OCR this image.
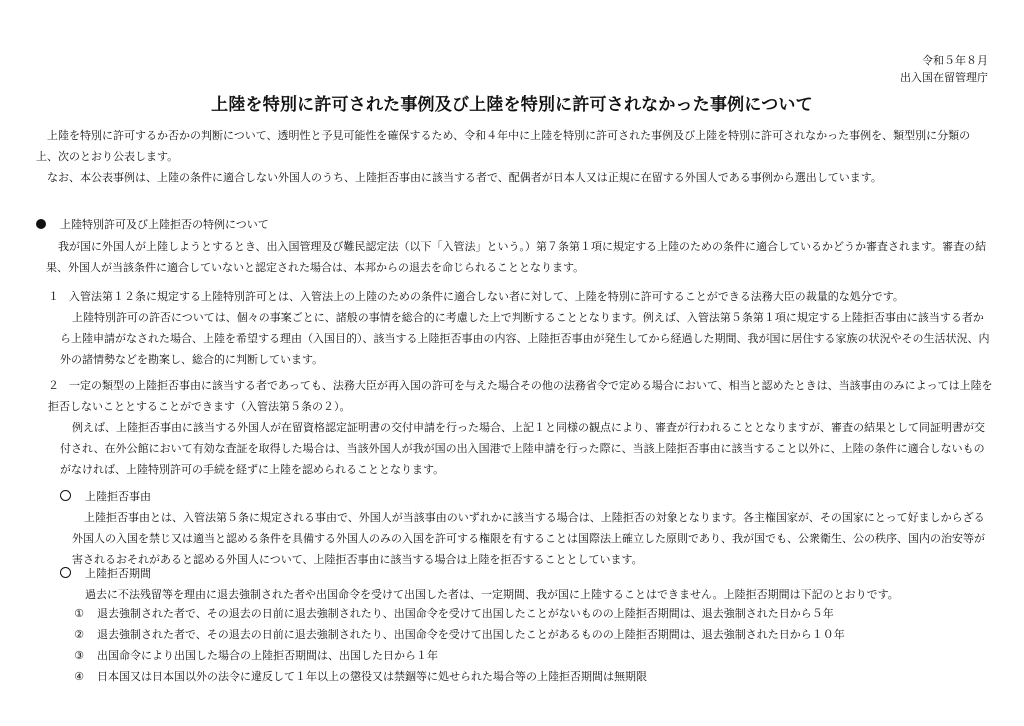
令和５年８月
出入国在留管理庁
上陸を特別に許可された事例及び上陸を特別に許可されなかった事例について

上陸を特別に許可するか否かの判断について、透明性と予見可能性を確保するため、令和４年中に上陸を特別に許可された事例及び上陸を特別に許可されなかった事例を、類型別に分類の上、次のとおり公表します。

なお、本公表事例は、上陸の条件に適合しない外国人のうち、上陸拒否事由に該当する者で、配偶者が日本人又は正規に在留する外国人である事例から選出しています。

上陸特別許可及び上陸拒否の特例について

我が国に外国人が上陸しようとするとき、出入国管理及び難民認定法（以下「入管法」という。）第７条第１項に規定する上陸のための条件に適合しているかどうか審査されます。審査の結果、外国人が当該条件に適合していないと認定された場合は、本邦からの退去を命じられることとなります。

１ 入管法第１２条に規定する上陸特別許可とは、入管法上の上陸のための条件に適合しない者に対して、上陸を特別に許可することができる法務大臣の裁量的な処分です。

上陸特別許可の許否については、個々の事案ごとに、諸般の事情を総合的に考慮した上で判断することとなります。例えば、入管法第５条第１項に規定する上陸拒否事由に該当する者から上陸申請がなされた場合、上陸を希望する理由（入国目的）、該当する上陸拒否事由の内容、上陸拒否事由が発生してから経過した期間、我が国に居住する家族の状況やその生活状況、内外の諸情勢などを勘案し、総合的に判断しています。

２ 一定の類型の上陸拒否事由に該当する者であっても、法務大臣が再入国の許可を与えた場合その他の法務省令で定める場合において、相当と認めたときは、当該事由のみによっては上陸を拒否しないこととすることができます（入管法第５条の２）。

例えば、上陸拒否事由に該当する外国人が在留資格認定証明書の交付申請を行った場合、上記１と同様の観点により、審査が行われることとなりますが、審査の結果として同証明書が交付され、在外公館において有効な査証を取得した場合は、当該外国人が我が国の出入国港で上陸申請を行った際に、当該上陸拒否事由に該当すること以外に、上陸の条件に適合しないものがなければ、上陸特別許可の手続を経ずに上陸を認められることとなります。

上陸拒否事由

上陸拒否事由とは、入管法第５条に規定される事由で、外国人が当該事由のいずれかに該当する場合は、上陸拒否の対象となります。各主権国家が、その国家にとって好ましからざる外国人の入国を禁じ又は適当と認める条件を具備する外国人のみの入国を許可する権限を有することは国際法上確立した原則であり、我が国でも、公衆衛生、公の秩序、国内の治安等が害されるおそれがあると認める外国人について、上陸拒否事由に該当する場合は上陸を拒否することとしています。

上陸拒否期間

過去に不法残留等を理由に退去強制された者や出国命令を受けて出国した者は、一定期間、我が国に上陸することはできません。上陸拒否期間は下記のとおりです。

① 退去強制された者で、その退去の日前に退去強制されたり、出国命令を受けて出国したことがないものの上陸拒否期間は、退去強制された日から５年
② 退去強制された者で、その退去の日前に退去強制されたり、出国命令を受けて出国したことがあるものの上陸拒否期間は、退去強制された日から１０年
③ 出国命令により出国した場合の上陸拒否期間は、出国した日から１年
④ 日本国又は日本国以外の法令に違反して１年以上の懲役又は禁錮等に処せられた場合等の上陸拒否期間は無期限
